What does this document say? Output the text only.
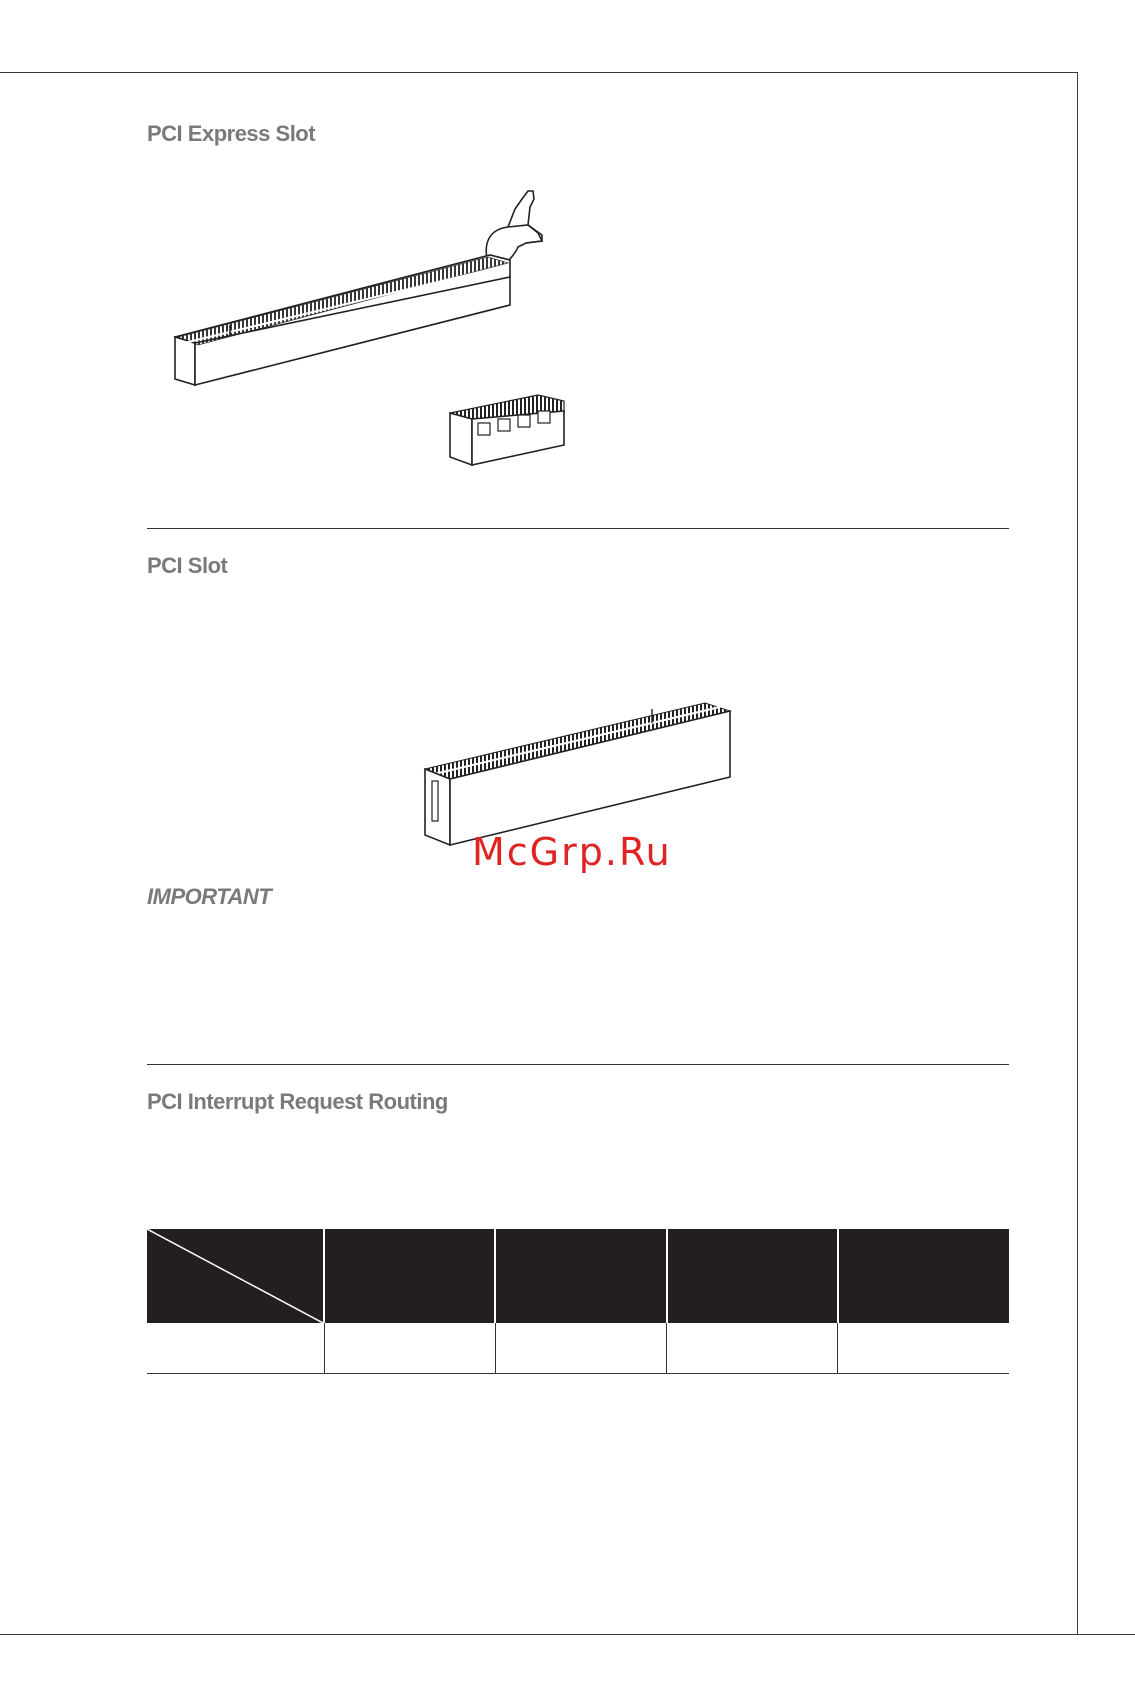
PCI Express Slot
PCI Slot
McGrp.Ru
IMPORTANT
PCI Interrupt Request Routing
